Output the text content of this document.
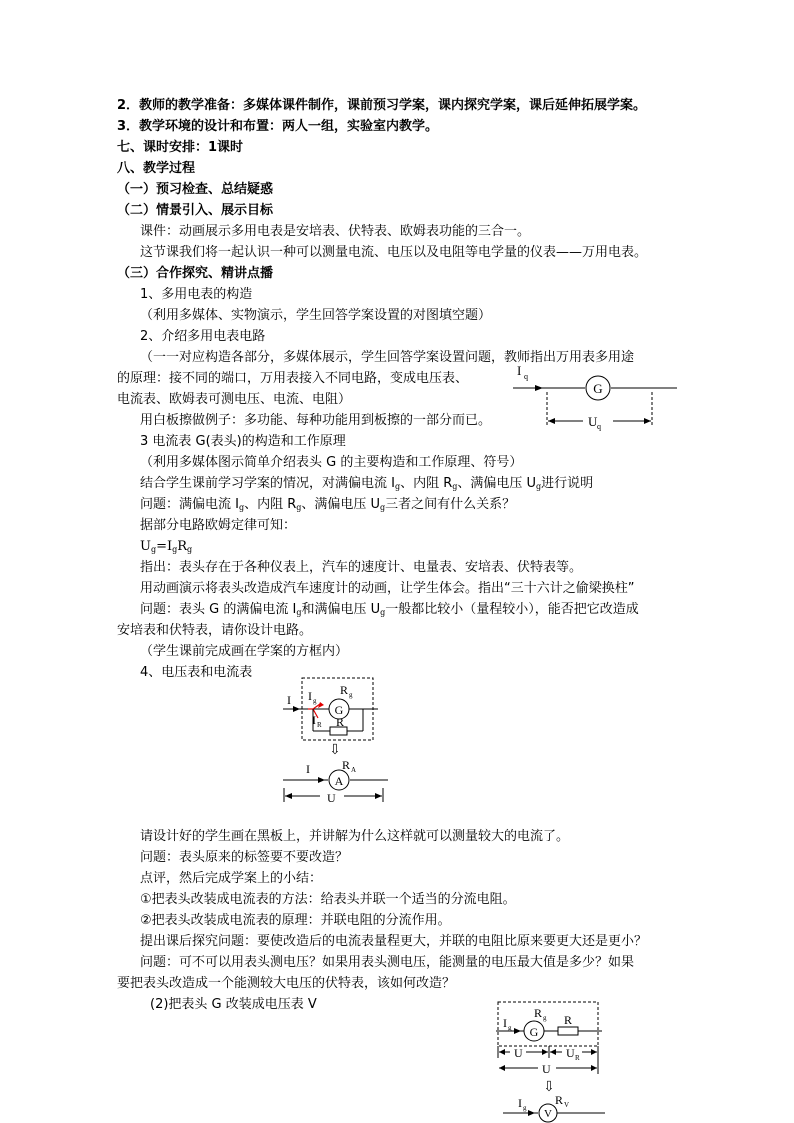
2．教师的教学准备：多媒体课件制作，课前预习学案，课内探究学案，课后延伸拓展学案。
3．教学环境的设计和布置：两人一组，实验室内教学。
七、课时安排：1课时
八、教学过程
（一）预习检查、总结疑惑
（二）情景引入、展示目标
课件：动画展示多用电表是安培表、伏特表、欧姆表功能的三合一。
这节课我们将一起认识一种可以测量电流、电压以及电阻等电学量的仪表——万用电表。
（三）合作探究、精讲点播
1、多用电表的构造
（利用多媒体、实物演示，学生回答学案设置的对图填空题）
2、介绍多用电表电路
（一一对应构造各部分，多媒体展示，学生回答学案设置问题，教师指出万用表多用途
的原理：接不同的端口，万用表接入不同电路，变成电压表、
电流表、欧姆表可测电压、电流、电阻）
用白板擦做例子：多功能、每种功能用到板擦的一部分而已。
3 电流表 G(表头)的构造和工作原理
（利用多媒体图示简单介绍表头 G 的主要构造和工作原理、符号）
结合学生课前学习学案的情况，对满偏电流 $I_g$、内阻 $R_g$、满偏电压 $U_g$进行说明
问题：满偏电流 $I_g$、内阻 $R_g$、满偏电压 $U_g$三者之间有什么关系？
据部分电路欧姆定律可知：
$U_g=I_gR_g$
指出：表头存在于各种仪表上，汽车的速度计、电量表、安培表、伏特表等。
用动画演示将表头改造成汽车速度计的动画，让学生体会。指出“三十六计之偷梁换柱”
问题：表头 G 的满偏电流 $I_g$和满偏电压 $U_g$一般都比较小（量程较小），能否把它改造成
安培表和伏特表，请你设计电路。
（学生课前完成画在学案的方框内）
4、电压表和电流表
请设计好的学生画在黑板上，并讲解为什么这样就可以测量较大的电流了。
问题：表头原来的标签要不要改造？
点评，然后完成学案上的小结：
①把表头改装成电流表的方法：给表头并联一个适当的分流电阻。
②把表头改装成电流表的原理：并联电阻的分流作用。
提出课后探究问题：要使改造后的电流表量程更大，并联的电阻比原来要更大还是更小？
问题：可不可以用表头测电压？如果用表头测电压，能测量的电压最大值是多少？如果
要把表头改造成一个能测较大电压的伏特表，该如何改造？
(2)把表头 G 改装成电压表 V
G
I q
U q
G
I I g
I R
R g
R
⇩
A
I	R A
U
G
I g
R g R
U	U R
U
⇩
V
I g
R V
